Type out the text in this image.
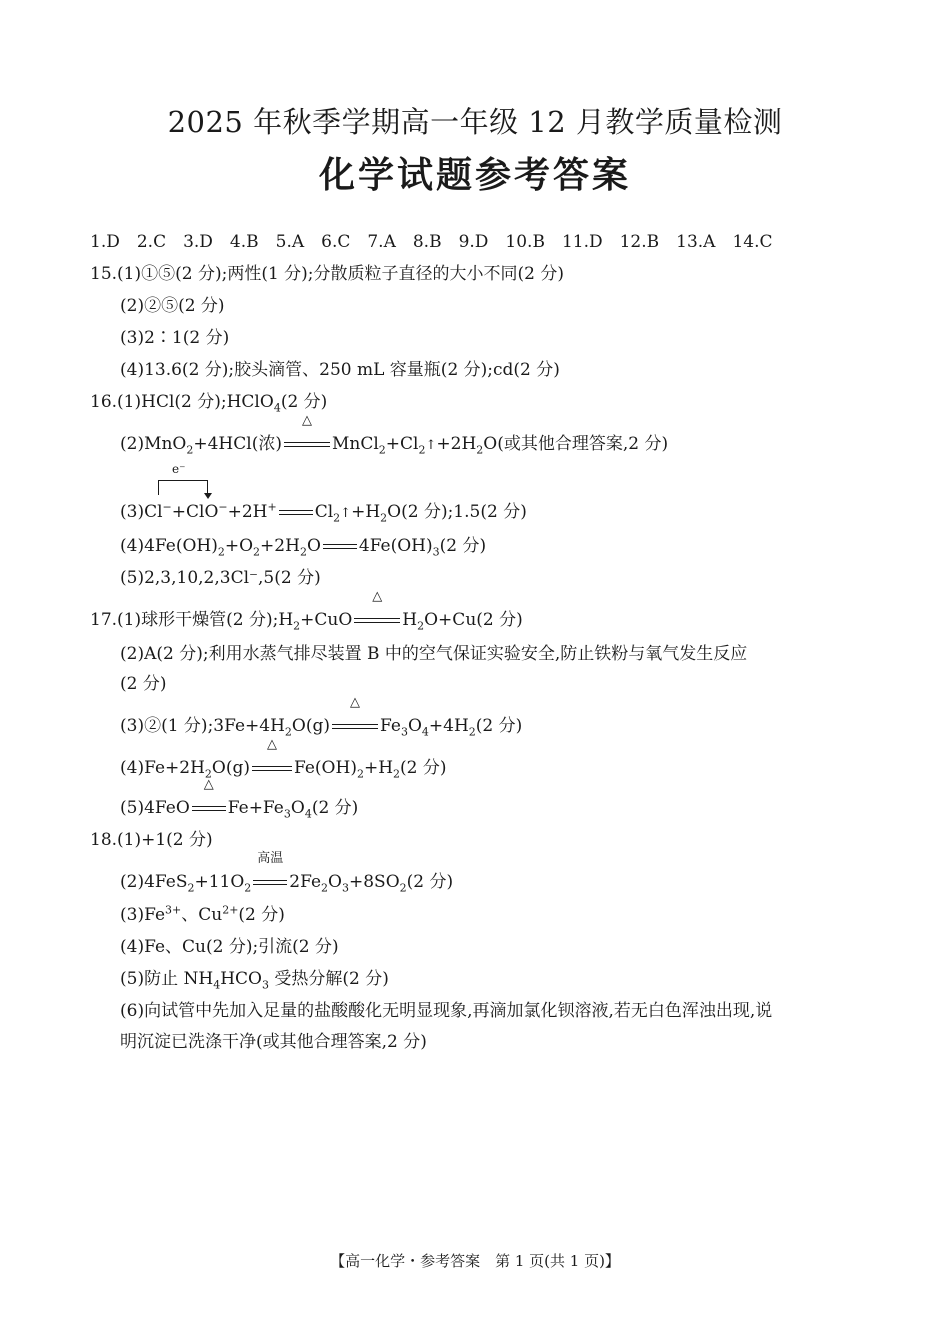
2025 年秋季学期高一年级 12 月教学质量检测
化学试题参考答案
1.D　2.C　3.D　4.B　5.A　6.C　7.A　8.B　9.D　10.B　11.D　12.B　13.A　14.C
15.(1)①⑤(2 分);两性(1 分);分散质粒子直径的大小不同(2 分)
(2)②⑤(2 分)
(3)2∶1(2 分)
(4)13.6(2 分);胶头滴管、250 mL 容量瓶(2 分);cd(2 分)
16.(1)HCl(2 分);HClO$_4$(2 分)
(2)MnO$_2$+4HCl(浓)
△
$MnCl_2+Cl_2↑+2H_2O$(或其他合理答案,2 分)
e⁻
(3)Cl−+ClO−+2H+ $Cl_2↑+H_2O(2$ 分);1.5(2 分)
$(4)4Fe(OH)_2+O_2+2H_2O$ $4Fe(OH)_3(2$ 分)
(5)2,3,10,2,3Cl⁻,5(2 分)
17.(1)球形干燥管(2 分)$;H_2+CuO$
△
$H_2O+Cu(2$ 分)
(2)A(2 分);利用水蒸气排尽装置 B 中的空气保证实验安全,防止铁粉与氧气发生反应
(2 分)
(3)②(1 分)$;3Fe+4H_2O(g)$
△
$Fe_3O_4+4H_2(2$ 分)
$(4)Fe+2H_2O(g)$
△
$Fe(OH)_2+H_2(2$ 分)
(5)4FeO
△
$Fe+Fe_3O_4(2$ 分)
18.(1)+1(2 分)
$(2)4FeS_2+11O_2$
高温
$2Fe_2O_3+8SO_2(2$ 分)
$(3)Fe^{3+}$、$Cu^{2+}(2$ 分)
(4)Fe、Cu(2 分);引流(2 分)
(5)防止 $NH_4HCO_3$ 受热分解(2 分)
(6)向试管中先加入足量的盐酸酸化无明显现象,再滴加氯化钡溶液,若无白色浑浊出现,说
明沉淀已洗涤干净(或其他合理答案,2 分)
【高一化学・参考答案　第 1 页(共 1 页)】
